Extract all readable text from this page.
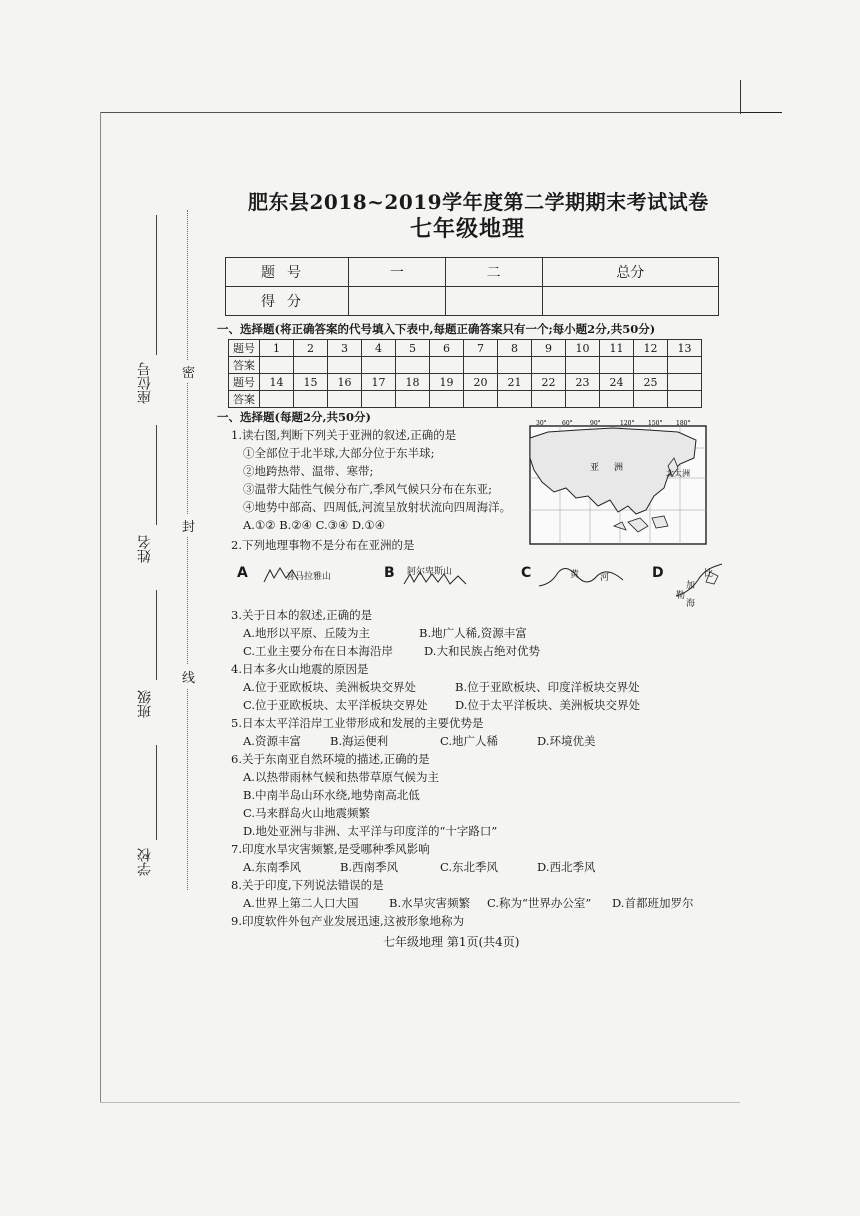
座位号
姓名
班级
学校
密
封
线
肥东县2018~2019学年度第二学期期末考试试卷
七年级地理
题号	一	二	总分
得分			
一、选择题(将正确答案的代号填入下表中,每题正确答案只有一个;每小题2分,共50分)
题号	1	2	3	4	5	6	7	8	9	10	11	12	13
答案													
题号	14	15	16	17	18	19	20	21	22	23	24	25	
答案													
一、选择题(每题2分,共50分)
1.读右图,判断下列关于亚洲的叙述,正确的是
①全部位于北半球,大部分位于东半球;
②地跨热带、温带、寒带;
③温带大陆性气候分布广,季风气候只分布在东亚;
④地势中部高、四周低,河流呈放射状流向四周海洋。
A.①② B.②④ C.③④ D.①④
30°	60°	90°	120° 150° 180°
亚 洲
北太洲
2.下列地理事物不是分布在亚洲的是
A	喜马拉雅山	B 阿尔卑斯山	C	黄 河	D
加
勒
比
海
3.关于日本的叙述,正确的是
A.地形以平原、丘陵为主	B.地广人稀,资源丰富
C.工业主要分布在日本海沿岸	D.大和民族占绝对优势
4.日本多火山地震的原因是
A.位于亚欧板块、美洲板块交界处	B.位于亚欧板块、印度洋板块交界处
C.位于亚欧板块、太平洋板块交界处 D.位于太平洋板块、美洲板块交界处
5.日本太平洋沿岸工业带形成和发展的主要优势是
A.资源丰富	B.海运便利	C.地广人稀	D.环境优美
6.关于东南亚自然环境的描述,正确的是
A.以热带雨林气候和热带草原气候为主
B.中南半岛山环水绕,地势南高北低
C.马来群岛火山地震频繁
D.地处亚洲与非洲、太平洋与印度洋的“十字路口”
7.印度水旱灾害频繁,是受哪种季风影响
A.东南季风	B.西南季风	C.东北季风	D.西北季风
8.关于印度,下列说法错误的是
A.世界上第二人口大国	B.水旱灾害频繁 C.称为“世界办公室” D.首都班加罗尔
9.印度软件外包产业发展迅速,这被形象地称为
七年级地理 第1页(共4页)
